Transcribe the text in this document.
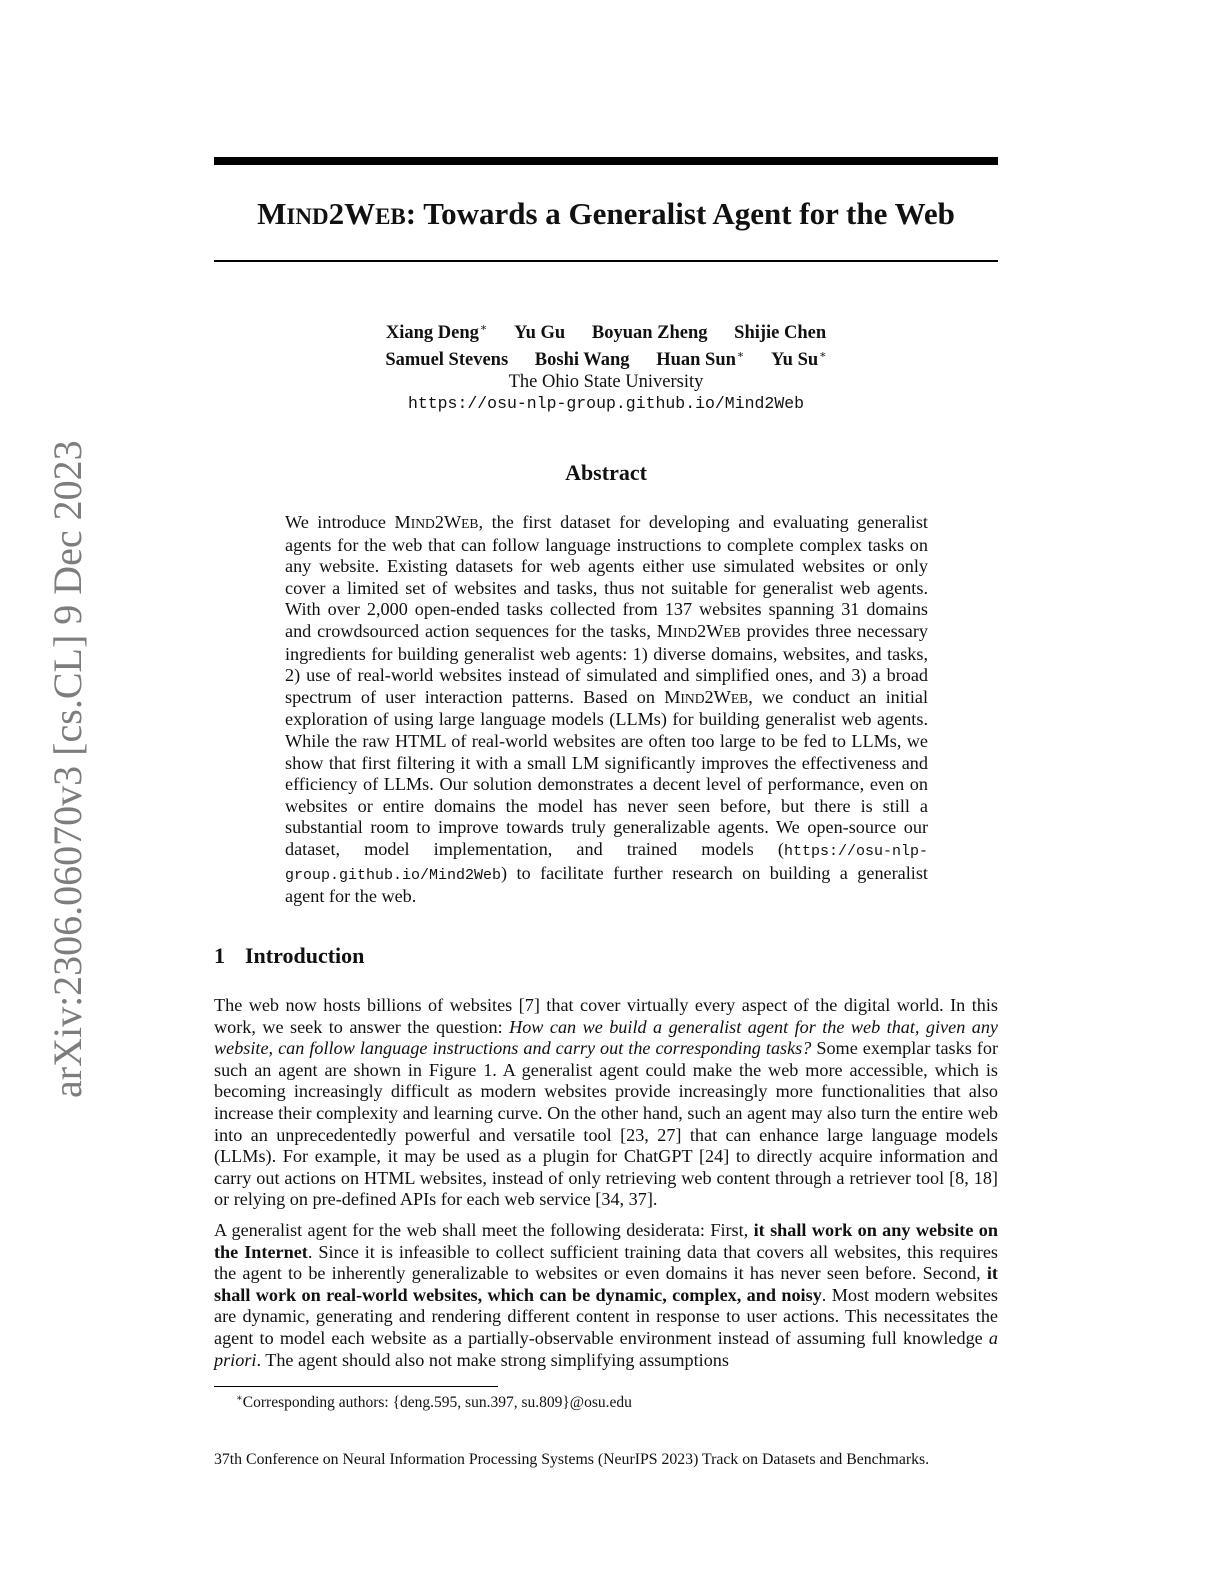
arXiv:2306.06070v3 [cs.CL] 9 Dec 2023
MIND2WEB: Towards a Generalist Agent for the Web
Xiang Deng∗ Yu Gu Boyuan Zheng Shijie Chen
Samuel Stevens Boshi Wang Huan Sun∗ Yu Su∗
The Ohio State University
https://osu-nlp-group.github.io/Mind2Web
Abstract

We introduce MIND2WEB, the first dataset for developing and evaluating generalist agents for the web that can follow language instructions to complete complex tasks on any website. Existing datasets for web agents either use simulated websites or only cover a limited set of websites and tasks, thus not suitable for generalist web agents. With over 2,000 open-ended tasks collected from 137 websites spanning 31 domains and crowdsourced action sequences for the tasks, MIND2WEB provides three necessary ingredients for building generalist web agents: 1) diverse domains, websites, and tasks, 2) use of real-world websites instead of simulated and simplified ones, and 3) a broad spectrum of user interaction patterns. Based on MIND2WEB, we conduct an initial exploration of using large language models (LLMs) for building generalist web agents. While the raw HTML of real-world websites are often too large to be fed to LLMs, we show that first filtering it with a small LM significantly improves the effectiveness and efficiency of LLMs. Our solution demonstrates a decent level of performance, even on websites or entire domains the model has never seen before, but there is still a substantial room to improve towards truly generalizable agents. We open-source our dataset, model implementation, and trained models (https://osu-nlp-group.github.io/Mind2Web) to facilitate further research on building a generalist agent for the web.

1 Introduction

The web now hosts billions of websites [7] that cover virtually every aspect of the digital world. In this work, we seek to answer the question: How can we build a generalist agent for the web that, given any website, can follow language instructions and carry out the corresponding tasks? Some exemplar tasks for such an agent are shown in Figure 1. A generalist agent could make the web more accessible, which is becoming increasingly difficult as modern websites provide increasingly more functionalities that also increase their complexity and learning curve. On the other hand, such an agent may also turn the entire web into an unprecedentedly powerful and versatile tool [23, 27] that can enhance large language models (LLMs). For example, it may be used as a plugin for ChatGPT [24] to directly acquire information and carry out actions on HTML websites, instead of only retrieving web content through a retriever tool [8, 18] or relying on pre-defined APIs for each web service [34, 37].

A generalist agent for the web shall meet the following desiderata: First, it shall work on any website on the Internet. Since it is infeasible to collect sufficient training data that covers all websites, this requires the agent to be inherently generalizable to websites or even domains it has never seen before. Second, it shall work on real-world websites, which can be dynamic, complex, and noisy. Most modern websites are dynamic, generating and rendering different content in response to user actions. This necessitates the agent to model each website as a partially-observable environment instead of assuming full knowledge a priori. The agent should also not make strong simplifying assumptions

∗Corresponding authors: {deng.595, sun.397, su.809}@osu.edu

37th Conference on Neural Information Processing Systems (NeurIPS 2023) Track on Datasets and Benchmarks.
